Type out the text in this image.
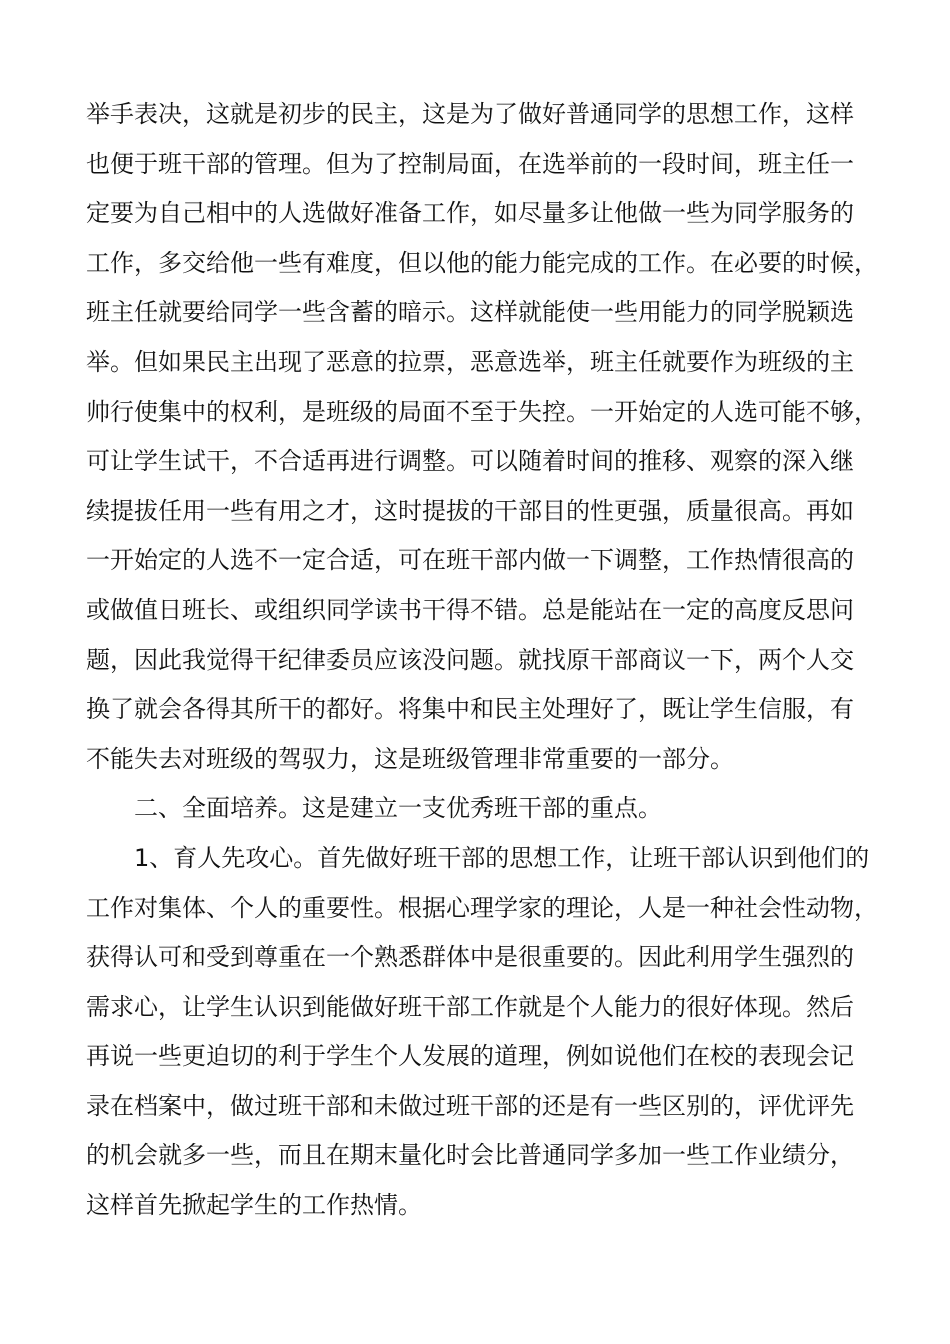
举手表决，这就是初步的民主，这是为了做好普通同学的思想工作，这样
也便于班干部的管理。但为了控制局面，在选举前的一段时间，班主任一
定要为自己相中的人选做好准备工作，如尽量多让他做一些为同学服务的
工作，多交给他一些有难度，但以他的能力能完成的工作。在必要的时候，
班主任就要给同学一些含蓄的暗示。这样就能使一些用能力的同学脱颖选
举。但如果民主出现了恶意的拉票，恶意选举，班主任就要作为班级的主
帅行使集中的权利，是班级的局面不至于失控。一开始定的人选可能不够，
可让学生试干，不合适再进行调整。可以随着时间的推移、观察的深入继
续提拔任用一些有用之才，这时提拔的干部目的性更强，质量很高。再如
一开始定的人选不一定合适，可在班干部内做一下调整，工作热情很高的
或做值日班长、或组织同学读书干得不错。总是能站在一定的高度反思问
题，因此我觉得干纪律委员应该没问题。就找原干部商议一下，两个人交
换了就会各得其所干的都好。将集中和民主处理好了，既让学生信服，有
不能失去对班级的驾驭力，这是班级管理非常重要的一部分。
　　二、全面培养。这是建立一支优秀班干部的重点。
　　1、育人先攻心。首先做好班干部的思想工作，让班干部认识到他们的
工作对集体、个人的重要性。根据心理学家的理论，人是一种社会性动物，
获得认可和受到尊重在一个熟悉群体中是很重要的。因此利用学生强烈的
需求心，让学生认识到能做好班干部工作就是个人能力的很好体现。然后
再说一些更迫切的利于学生个人发展的道理，例如说他们在校的表现会记
录在档案中，做过班干部和未做过班干部的还是有一些区别的，评优评先
的机会就多一些，而且在期末量化时会比普通同学多加一些工作业绩分，
这样首先掀起学生的工作热情。
